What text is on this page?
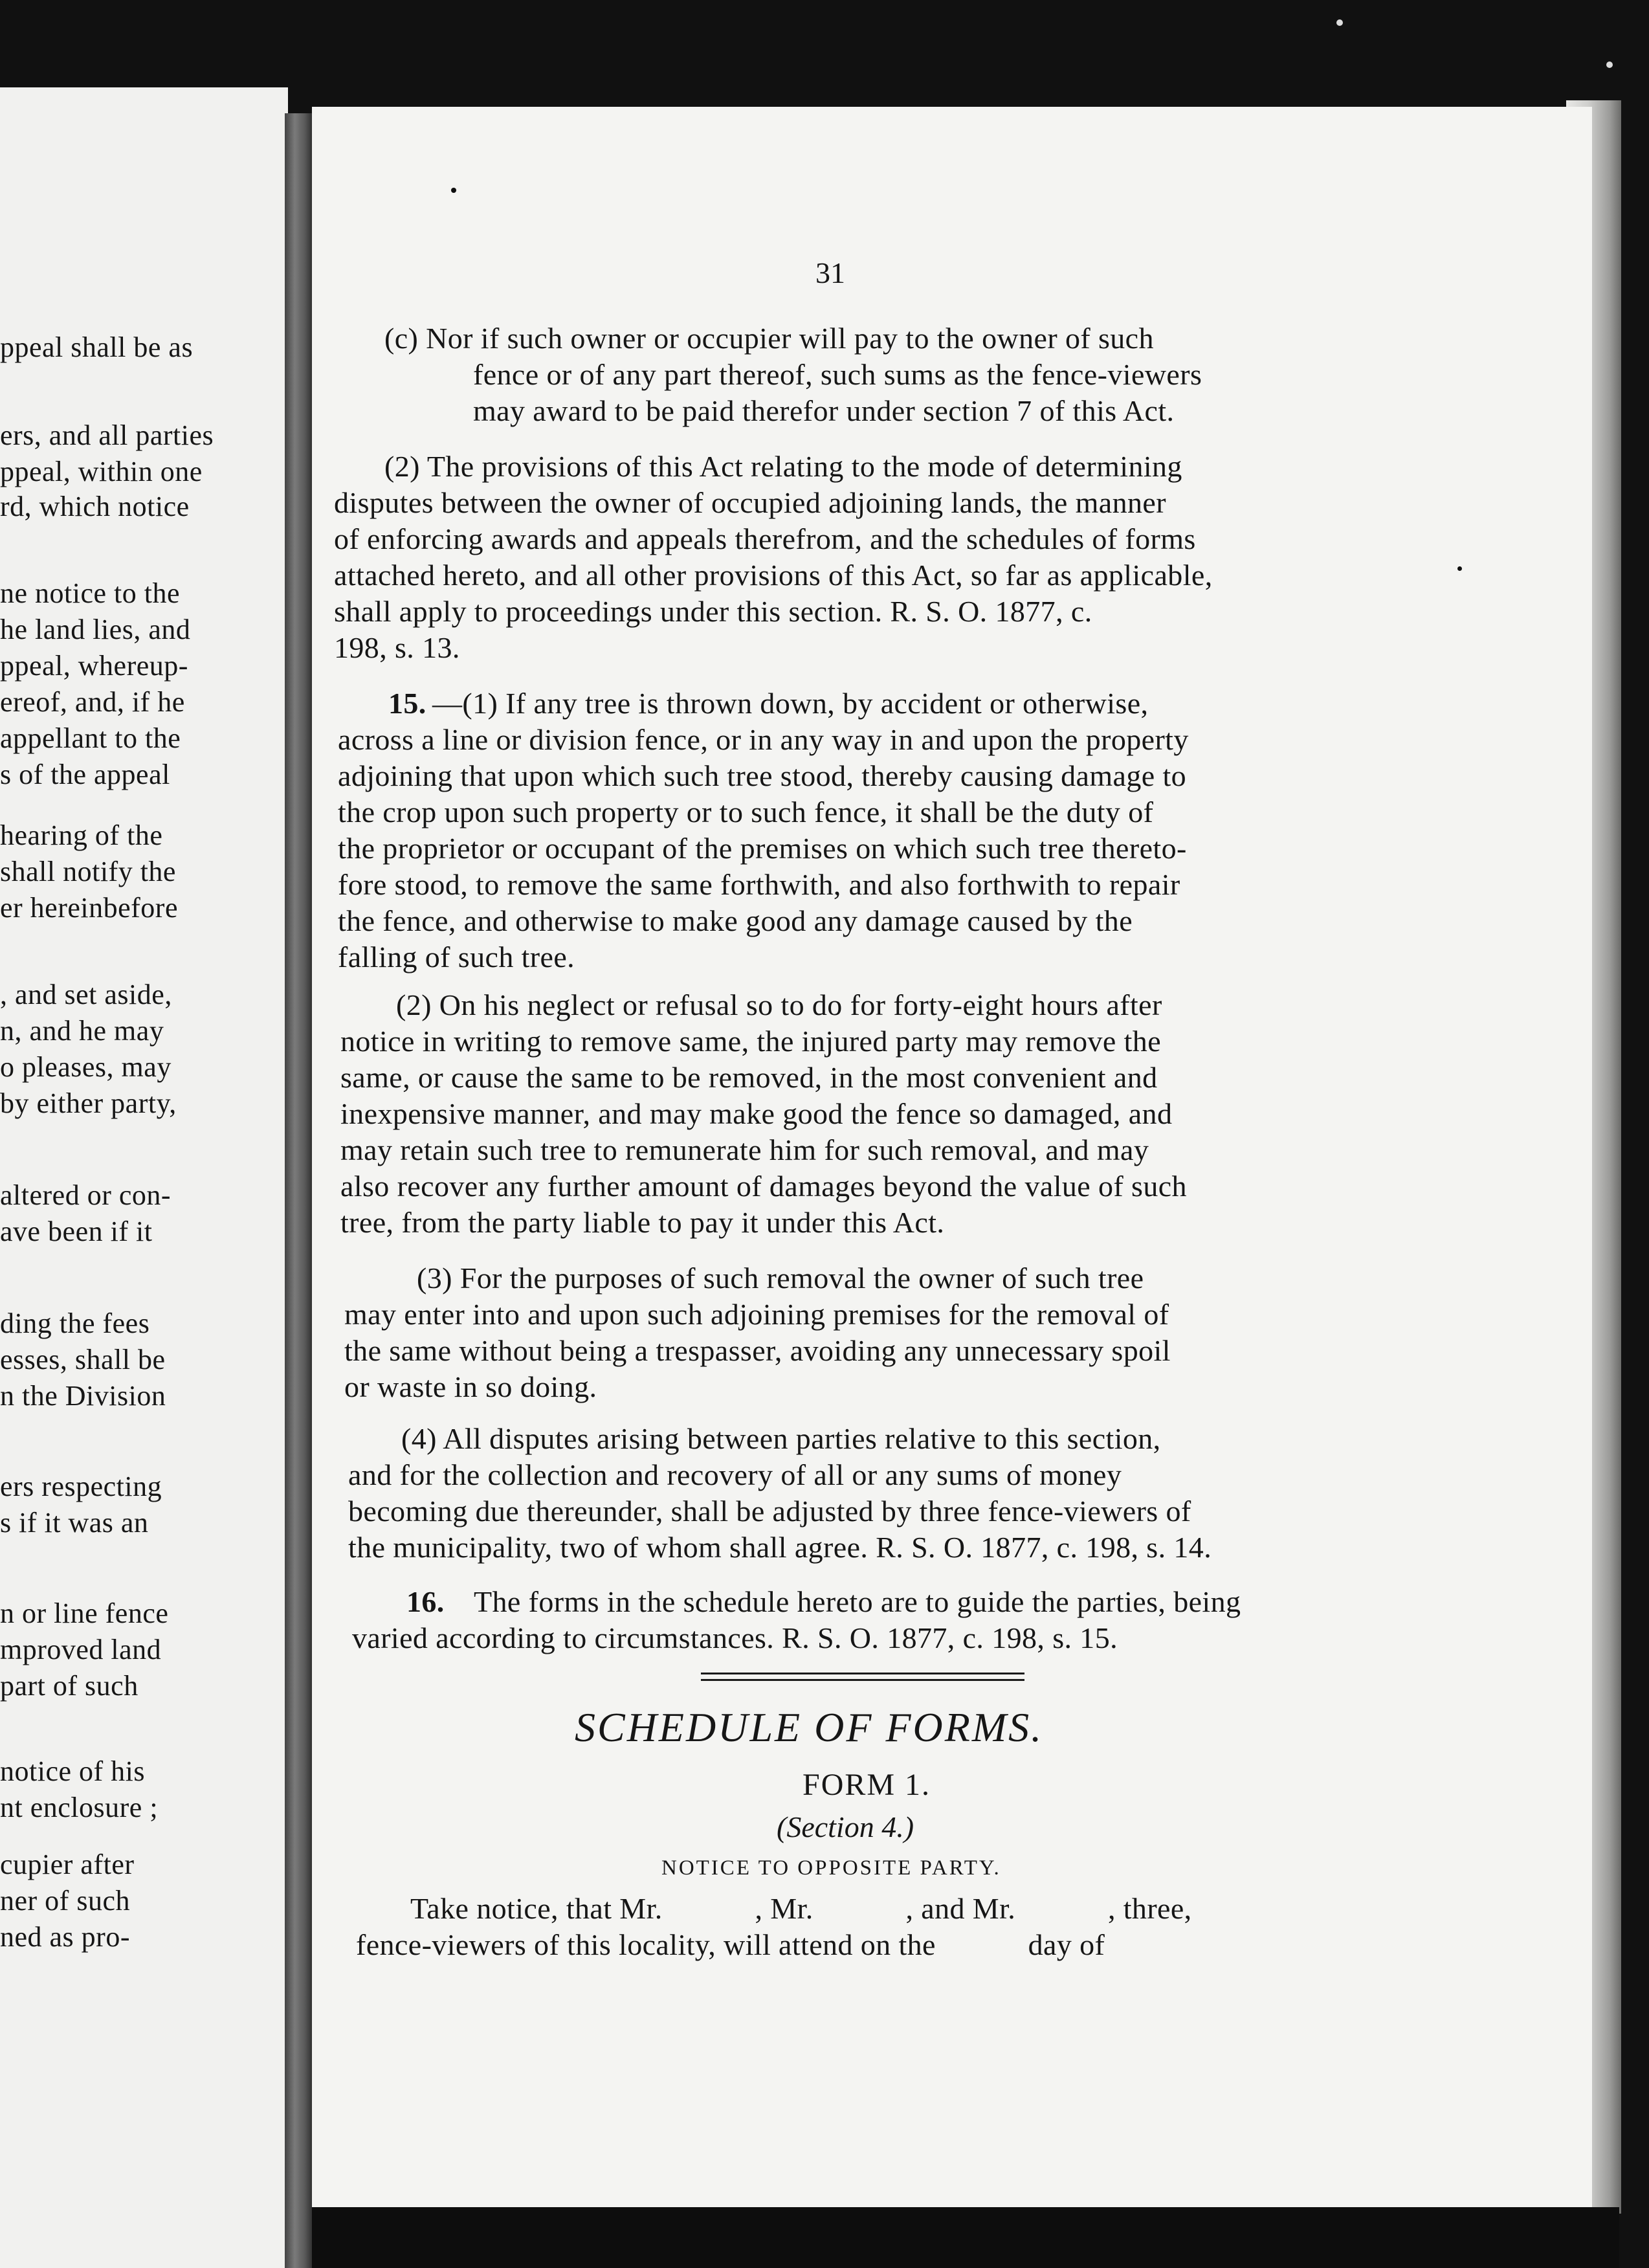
ppeal shall be as
ers, and all parties
ppeal, within one
rd, which notice
ne notice to the
he land lies, and
ppeal, whereup-
ereof, and, if he
appellant to the
s of the appeal
hearing of the
shall notify the
er hereinbefore
, and set aside,
n, and he may
o pleases, may
by either party,
altered or con-
ave been if it
ding the fees
esses, shall be
n the Division
ers respecting
s if it was an
n or line fence
mproved land
part of such
notice of his
nt enclosure ;
cupier after
ner of such
ned as pro-
31
(c) Nor if such owner or occupier will pay to the owner of such
fence or of any part thereof, such sums as the fence-viewers
may award to be paid therefor under section 7 of this Act.
(2) The provisions of this Act relating to the mode of determining
disputes between the owner of occupied adjoining lands, the manner
of enforcing awards and appeals therefrom, and the schedules of forms
attached hereto, and all other provisions of this Act, so far as applicable,
shall apply to proceedings under this section. R. S. O. 1877, c.
198, s. 13.
15. —(1) If any tree is thrown down, by accident or otherwise,
across a line or division fence, or in any way in and upon the property
adjoining that upon which such tree stood, thereby causing damage to
the crop upon such property or to such fence, it shall be the duty of
the proprietor or occupant of the premises on which such tree thereto-
fore stood, to remove the same forthwith, and also forthwith to repair
the fence, and otherwise to make good any damage caused by the
falling of such tree.
(2) On his neglect or refusal so to do for forty-eight hours after
notice in writing to remove same, the injured party may remove the
same, or cause the same to be removed, in the most convenient and
inexpensive manner, and may make good the fence so damaged, and
may retain such tree to remunerate him for such removal, and may
also recover any further amount of damages beyond the value of such
tree, from the party liable to pay it under this Act.
(3) For the purposes of such removal the owner of such tree
may enter into and upon such adjoining premises for the removal of
the same without being a trespasser, avoiding any unnecessary spoil
or waste in so doing.
(4) All disputes arising between parties relative to this section,
and for the collection and recovery of all or any sums of money
becoming due thereunder, shall be adjusted by three fence-viewers of
the municipality, two of whom shall agree. R. S. O. 1877, c. 198, s. 14.
16. The forms in the schedule hereto are to guide the parties, being
varied according to circumstances. R. S. O. 1877, c. 198, s. 15.
SCHEDULE OF FORMS.
FORM 1.
(Section 4.)
NOTICE TO OPPOSITE PARTY.
Take notice, that Mr.            , Mr.            , and Mr.            , three,
fence-viewers of this locality, will attend on the            day of
